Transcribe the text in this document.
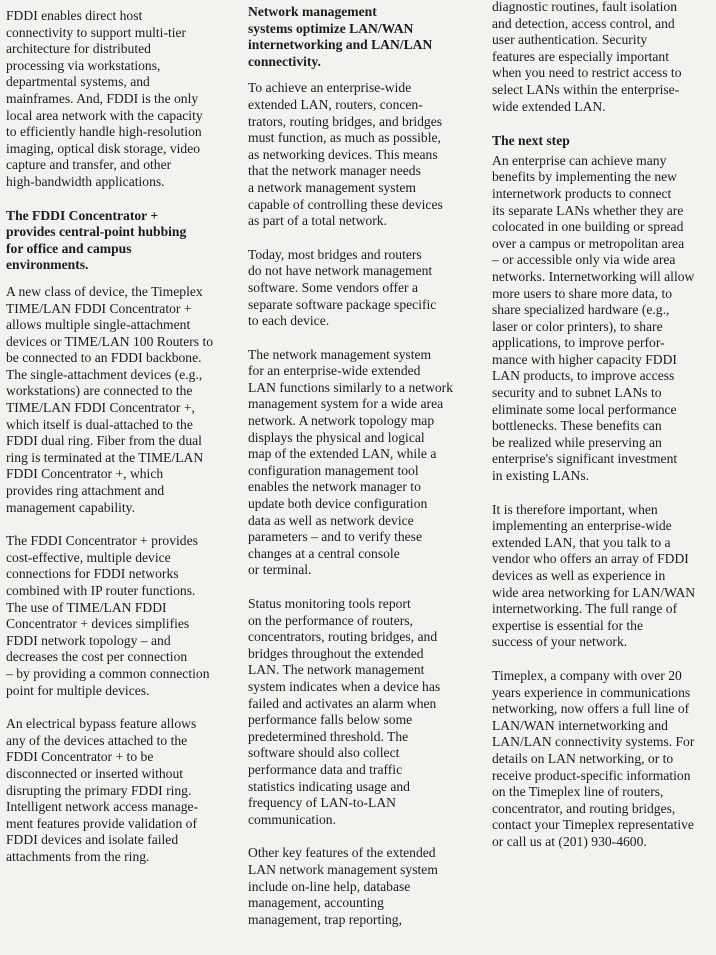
FDDI enables direct host
connectivity to support multi-tier
architecture for distributed
processing via workstations,
departmental systems, and
mainframes. And, FDDI is the only
local area network with the capacity
to efficiently handle high-resolution
imaging, optical disk storage, video
capture and transfer, and other
high-bandwidth applications.

The FDDI Concentrator +
provides central-point hubbing
for office and campus
environments.

A new class of device, the Timeplex
TIME/LAN FDDI Concentrator +
allows multiple single-attachment
devices or TIME/LAN 100 Routers to
be connected to an FDDI backbone.
The single-attachment devices (e.g.,
workstations) are connected to the
TIME/LAN FDDI Concentrator +,
which itself is dual-attached to the
FDDI dual ring. Fiber from the dual
ring is terminated at the TIME/LAN
FDDI Concentrator +, which
provides ring attachment and
management capability.

The FDDI Concentrator + provides
cost-effective, multiple device
connections for FDDI networks
combined with IP router functions.
The use of TIME/LAN FDDI
Concentrator + devices simplifies
FDDI network topology – and
decreases the cost per connection
– by providing a common connection
point for multiple devices.

An electrical bypass feature allows
any of the devices attached to the
FDDI Concentrator + to be
disconnected or inserted without
disrupting the primary FDDI ring.
Intelligent network access manage-
ment features provide validation of
FDDI devices and isolate failed
attachments from the ring.

Network management
systems optimize LAN/WAN
internetworking and LAN/LAN
connectivity.

To achieve an enterprise-wide
extended LAN, routers, concen-
trators, routing bridges, and bridges
must function, as much as possible,
as networking devices. This means
that the network manager needs
a network management system
capable of controlling these devices
as part of a total network.

Today, most bridges and routers
do not have network management
software. Some vendors offer a
separate software package specific
to each device.

The network management system
for an enterprise-wide extended
LAN functions similarly to a network
management system for a wide area
network. A network topology map
displays the physical and logical
map of the extended LAN, while a
configuration management tool
enables the network manager to
update both device configuration
data as well as network device
parameters – and to verify these
changes at a central console
or terminal.

Status monitoring tools report
on the performance of routers,
concentrators, routing bridges, and
bridges throughout the extended
LAN. The network management
system indicates when a device has
failed and activates an alarm when
performance falls below some
predetermined threshold. The
software should also collect
performance data and traffic
statistics indicating usage and
frequency of LAN-to-LAN
communication.

Other key features of the extended
LAN network management system
include on-line help, database
management, accounting
management, trap reporting,

diagnostic routines, fault isolation
and detection, access control, and
user authentication. Security
features are especially important
when you need to restrict access to
select LANs within the enterprise-
wide extended LAN.

The next step

An enterprise can achieve many
benefits by implementing the new
internetwork products to connect
its separate LANs whether they are
colocated in one building or spread
over a campus or metropolitan area
– or accessible only via wide area
networks. Internetworking will allow
more users to share more data, to
share specialized hardware (e.g.,
laser or color printers), to share
applications, to improve perfor-
mance with higher capacity FDDI
LAN products, to improve access
security and to subnet LANs to
eliminate some local performance
bottlenecks. These benefits can
be realized while preserving an
enterprise's significant investment
in existing LANs.

It is therefore important, when
implementing an enterprise-wide
extended LAN, that you talk to a
vendor who offers an array of FDDI
devices as well as experience in
wide area networking for LAN/WAN
internetworking. The full range of
expertise is essential for the
success of your network.

Timeplex, a company with over 20
years experience in communications
networking, now offers a full line of
LAN/WAN internetworking and
LAN/LAN connectivity systems. For
details on LAN networking, or to
receive product-specific information
on the Timeplex line of routers,
concentrator, and routing bridges,
contact your Timeplex representative
or call us at (201) 930-4600.
